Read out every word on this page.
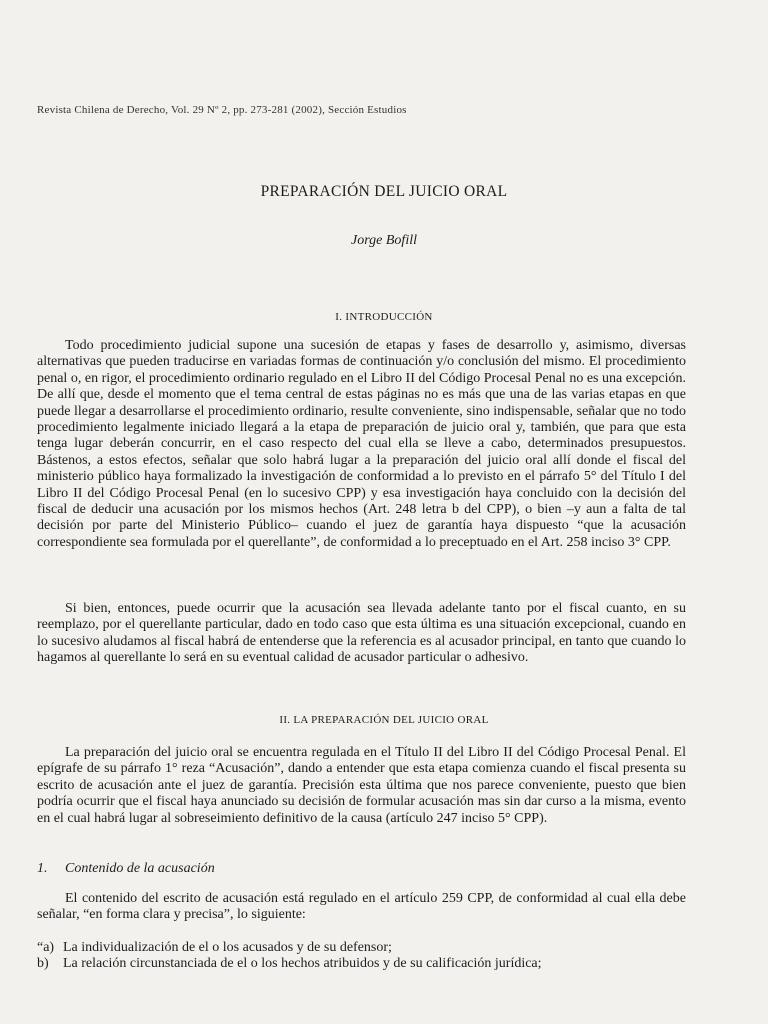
Revista Chilena de Derecho, Vol. 29 Nº 2, pp. 273-281 (2002), Sección Estudios
PREPARACIÓN DEL JUICIO ORAL
Jorge Bofill
I. INTRODUCCIÓN

Todo procedimiento judicial supone una sucesión de etapas y fases de desarrollo y, asimismo, diversas alternativas que pueden traducirse en variadas formas de continuación y/o conclusión del mismo. El procedimiento penal o, en rigor, el procedimiento ordinario regulado en el Libro II del Código Procesal Penal no es una excepción. De allí que, desde el momento que el tema central de estas páginas no es más que una de las varias etapas en que puede llegar a desarrollarse el procedimiento ordinario, resulte conveniente, sino indispensable, señalar que no todo procedimiento legalmente iniciado llegará a la etapa de preparación de juicio oral y, también, que para que esta tenga lugar deberán concurrir, en el caso respecto del cual ella se lleve a cabo, determinados presupuestos. Bástenos, a estos efectos, señalar que solo habrá lugar a la preparación del juicio oral allí donde el fiscal del ministerio público haya formalizado la investigación de conformidad a lo previsto en el párrafo 5° del Título I del Libro II del Código Procesal Penal (en lo sucesivo CPP) y esa investigación haya concluido con la decisión del fiscal de deducir una acusación por los mismos hechos (Art. 248 letra b del CPP), o bien –y aun a falta de tal decisión por parte del Ministerio Público– cuando el juez de garantía haya dispuesto “que la acusación correspondiente sea formulada por el querellante”, de conformidad a lo preceptuado en el Art. 258 inciso 3° CPP.

Si bien, entonces, puede ocurrir que la acusación sea llevada adelante tanto por el fiscal cuanto, en su reemplazo, por el querellante particular, dado en todo caso que esta última es una situación excepcional, cuando en lo sucesivo aludamos al fiscal habrá de entenderse que la referencia es al acusador principal, en tanto que cuando lo hagamos al querellante lo será en su eventual calidad de acusador particular o adhesivo.

II. LA PREPARACIÓN DEL JUICIO ORAL

La preparación del juicio oral se encuentra regulada en el Título II del Libro II del Código Procesal Penal. El epígrafe de su párrafo 1° reza “Acusación”, dando a entender que esta etapa comienza cuando el fiscal presenta su escrito de acusación ante el juez de garantía. Precisión esta última que nos parece conveniente, puesto que bien podría ocurrir que el fiscal haya anunciado su decisión de formular acusación mas sin dar curso a la misma, evento en el cual habrá lugar al sobreseimiento definitivo de la causa (artículo 247 inciso 5° CPP).

1. Contenido de la acusación

El contenido del escrito de acusación está regulado en el artículo 259 CPP, de conformidad al cual ella debe señalar, “en forma clara y precisa”, lo siguiente:

“a) La individualización de el o los acusados y de su defensor;
b)	La relación circunstanciada de el o los hechos atribuidos y de su calificación jurídica;
